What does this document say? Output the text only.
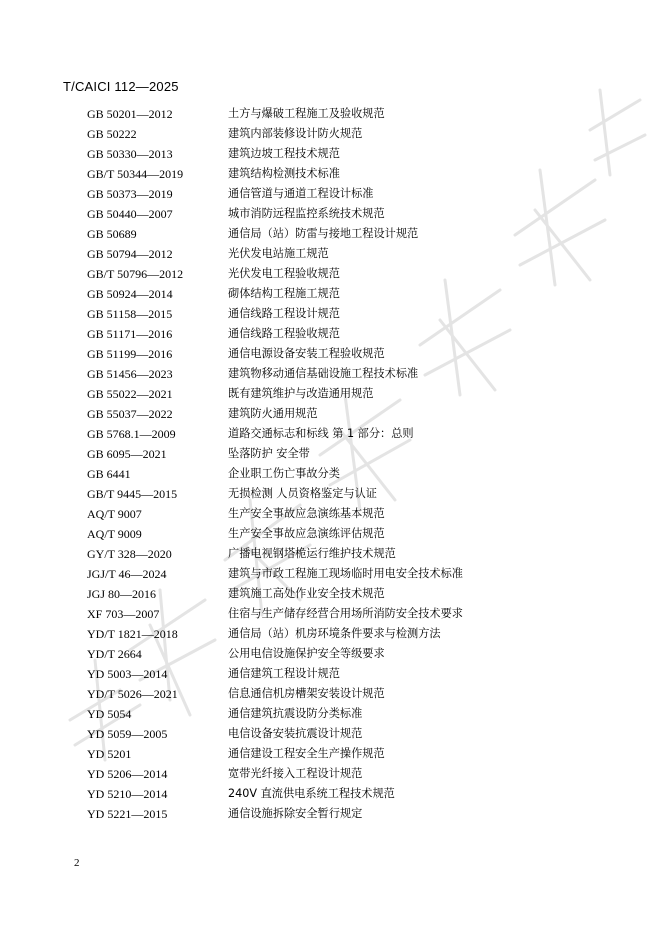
T/CAICI 112—2025
GB 50201—2012	土方与爆破工程施工及验收规范
GB 50222	建筑内部装修设计防火规范
GB 50330—2013	建筑边坡工程技术规范
GB/T 50344—2019	建筑结构检测技术标准
GB 50373—2019	通信管道与通道工程设计标准
GB 50440—2007	城市消防远程监控系统技术规范
GB 50689	通信局（站）防雷与接地工程设计规范
GB 50794—2012	光伏发电站施工规范
GB/T 50796—2012	光伏发电工程验收规范
GB 50924—2014	砌体结构工程施工规范
GB 51158—2015	通信线路工程设计规范
GB 51171—2016	通信线路工程验收规范
GB 51199—2016	通信电源设备安装工程验收规范
GB 51456—2023	建筑物移动通信基础设施工程技术标准
GB 55022—2021	既有建筑维护与改造通用规范
GB 55037—2022	建筑防火通用规范
GB 5768.1—2009	道路交通标志和标线 第 1 部分：总则
GB 6095—2021	坠落防护 安全带
GB 6441	企业职工伤亡事故分类
GB/T 9445—2015	无损检测 人员资格鉴定与认证
AQ/T 9007	生产安全事故应急演练基本规范
AQ/T 9009	生产安全事故应急演练评估规范
GY/T 328—2020	广播电视钢塔桅运行维护技术规范
JGJ/T 46—2024	建筑与市政工程施工现场临时用电安全技术标准
JGJ 80—2016	建筑施工高处作业安全技术规范
XF 703—2007	住宿与生产储存经营合用场所消防安全技术要求
YD/T 1821—2018	通信局（站）机房环境条件要求与检测方法
YD/T 2664	公用电信设施保护安全等级要求
YD 5003—2014	通信建筑工程设计规范
YD/T 5026—2021	信息通信机房槽架安装设计规范
YD 5054	通信建筑抗震设防分类标准
YD 5059—2005	电信设备安装抗震设计规范
YD 5201	通信建设工程安全生产操作规范
YD 5206—2014	宽带光纤接入工程设计规范
YD 5210—2014	240V 直流供电系统工程技术规范
YD 5221—2015	通信设施拆除安全暂行规定
2
